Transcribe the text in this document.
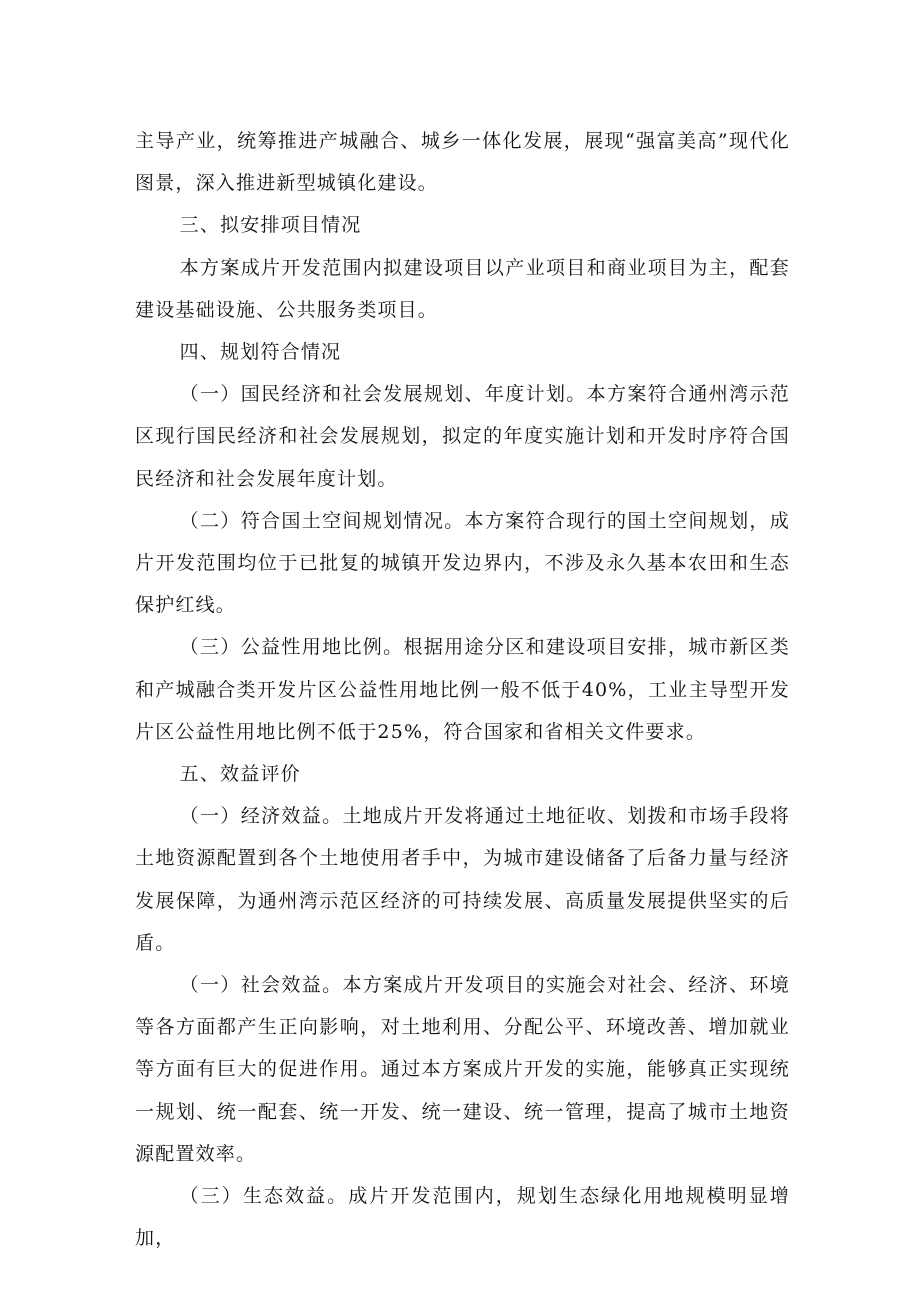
主导产业，统筹推进产城融合、城乡一体化发展，展现“强富美高”现代化图景，深入推进新型城镇化建设。

三、拟安排项目情况

本方案成片开发范围内拟建设项目以产业项目和商业项目为主，配套建设基础设施、公共服务类项目。

四、规划符合情况

（一）国民经济和社会发展规划、年度计划。本方案符合通州湾示范区现行国民经济和社会发展规划，拟定的年度实施计划和开发时序符合国民经济和社会发展年度计划。

（二）符合国土空间规划情况。本方案符合现行的国土空间规划，成片开发范围均位于已批复的城镇开发边界内，不涉及永久基本农田和生态保护红线。

（三）公益性用地比例。根据用途分区和建设项目安排，城市新区类和产城融合类开发片区公益性用地比例一般不低于40%，工业主导型开发片区公益性用地比例不低于25%，符合国家和省相关文件要求。

五、效益评价

（一）经济效益。土地成片开发将通过土地征收、划拨和市场手段将土地资源配置到各个土地使用者手中，为城市建设储备了后备力量与经济发展保障，为通州湾示范区经济的可持续发展、高质量发展提供坚实的后盾。

（一）社会效益。本方案成片开发项目的实施会对社会、经济、环境等各方面都产生正向影响，对土地利用、分配公平、环境改善、增加就业等方面有巨大的促进作用。通过本方案成片开发的实施，能够真正实现统一规划、统一配套、统一开发、统一建设、统一管理，提高了城市土地资源配置效率。

（三）生态效益。成片开发范围内，规划生态绿化用地规模明显增加，
